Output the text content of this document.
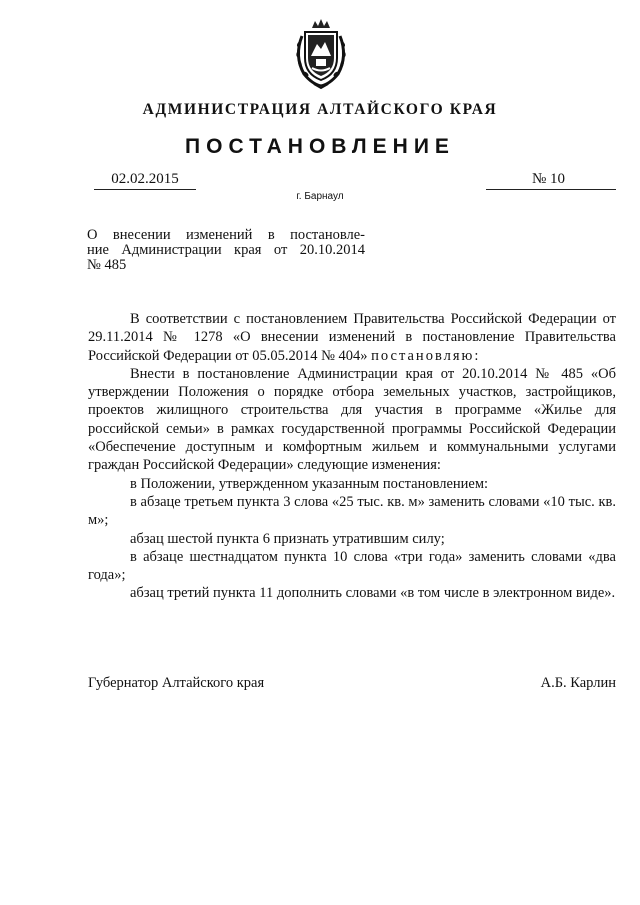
АДМИНИСТРАЦИЯ АЛТАЙСКОГО КРАЯ
ПОСТАНОВЛЕНИЕ
02.02.2015	№ 10
г. Барнаул
О внесении изменений в постановле-
ние Администрации края от 20.10.2014
№ 485

В соответствии с постановлением Правительства Российской Федерации от 29.11.2014 № 1278 «О внесении изменений в постановление Правительства Российской Федерации от 05.05.2014 № 404» постановляю:

Внести в постановление Администрации края от 20.10.2014 № 485 «Об утверждении Положения о порядке отбора земельных участков, застройщиков, проектов жилищного строительства для участия в программе «Жилье для российской семьи» в рамках государственной программы Российской Федерации «Обеспечение доступным и комфортным жильем и коммунальными услугами граждан Российской Федерации» следующие изменения:

в Положении, утвержденном указанным постановлением:

в абзаце третьем пункта 3 слова «25 тыс. кв. м» заменить словами «10 тыс. кв. м»;

абзац шестой пункта 6 признать утратившим силу;

в абзаце шестнадцатом пункта 10 слова «три года» заменить словами «два года»;

абзац третий пункта 11 дополнить словами «в том числе в электронном виде».

Губернатор Алтайского края	А.Б. Карлин
